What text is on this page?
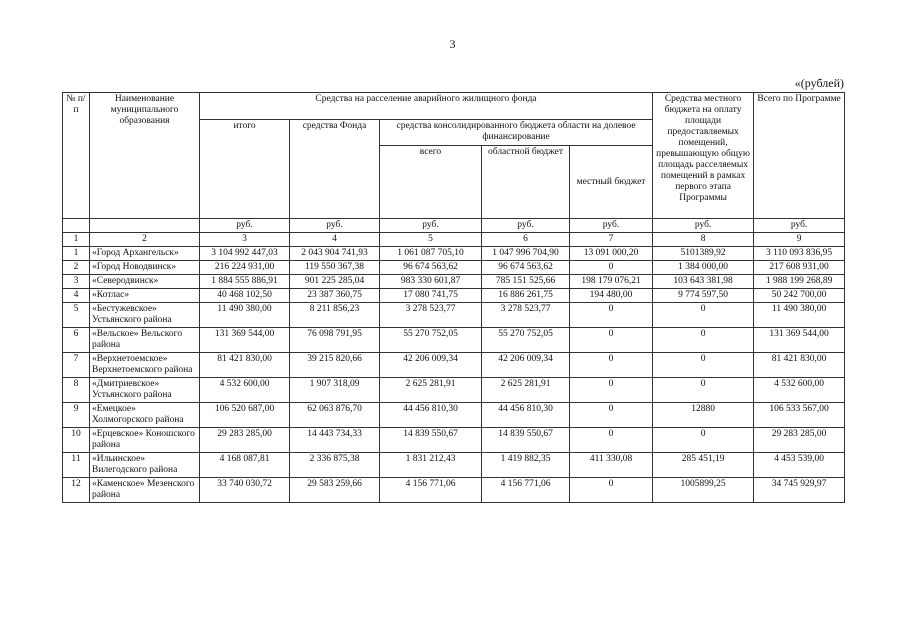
3
«(рублей)
№ п/п	Наименование муниципального образования	Средства на расселение аварийного жилищного фонда					Средства местного бюджета на оплату площади предоставляемых помещений, превышающую общую площадь расселяемых помещений в рамках первого этапа Программы	Всего по Программе
		итого	средства Фонда	средства консолидированного бюджета области на долевое финансирование				
				всего	областной бюджет	местный бюджет		
		руб.	руб.	руб.	руб.	руб.	руб.	руб.
1	2	3	4	5	6	7	8	9
1	«Город Архангельск»	3 104 992 447,03	2 043 904 741,93	1 061 087 705,10	1 047 996 704,90	13 091 000,20	5101389,92	3 110 093 836,95
2	«Город Новодвинск»	216 224 931,00	119 550 367,38	96 674 563,62	96 674 563,62	0	1 384 000,00	217 608 931,00
3	«Северодвинск»	1 884 555 886,91	901 225 285,04	983 330 601,87	785 151 525,66	198 179 076,21	103 643 381,98	1 988 199 268,89
4	«Котлас»	40 468 102,50	23 387 360,75	17 080 741,75	16 886 261,75	194 480,00	9 774 597,50	50 242 700,00
5	«Бестужевское» Устьянского района	11 490 380,00	8 211 856,23	3 278 523,77	3 278 523,77	0	0	11 490 380,00
6	«Вельское» Вельского района	131 369 544,00	76 098 791,95	55 270 752,05	55 270 752,05	0	0	131 369 544,00
7	«Верхнетоемское» Верхнетоемского района	81 421 830,00	39 215 820,66	42 206 009,34	42 206 009,34	0	0	81 421 830,00
8	«Дмитриевское» Устьянского района	4 532 600,00	1 907 318,09	2 625 281,91	2 625 281,91	0	0	4 532 600,00
9	«Емецкое» Холмогорского района	106 520 687,00	62 063 876,70	44 456 810,30	44 456 810,30	0	12880	106 533 567,00
10	«Ерцевское» Коношского района	29 283 285,00	14 443 734,33	14 839 550,67	14 839 550,67	0	0	29 283 285,00
11	«Ильинское» Вилегодского района	4 168 087,81	2 336 875,38	1 831 212,43	1 419 882,35	411 330,08	285 451,19	4 453 539,00
12	«Каменское» Мезенского района	33 740 030,72	29 583 259,66	4 156 771,06	4 156 771,06	0	1005899,25	34 745 929,97
